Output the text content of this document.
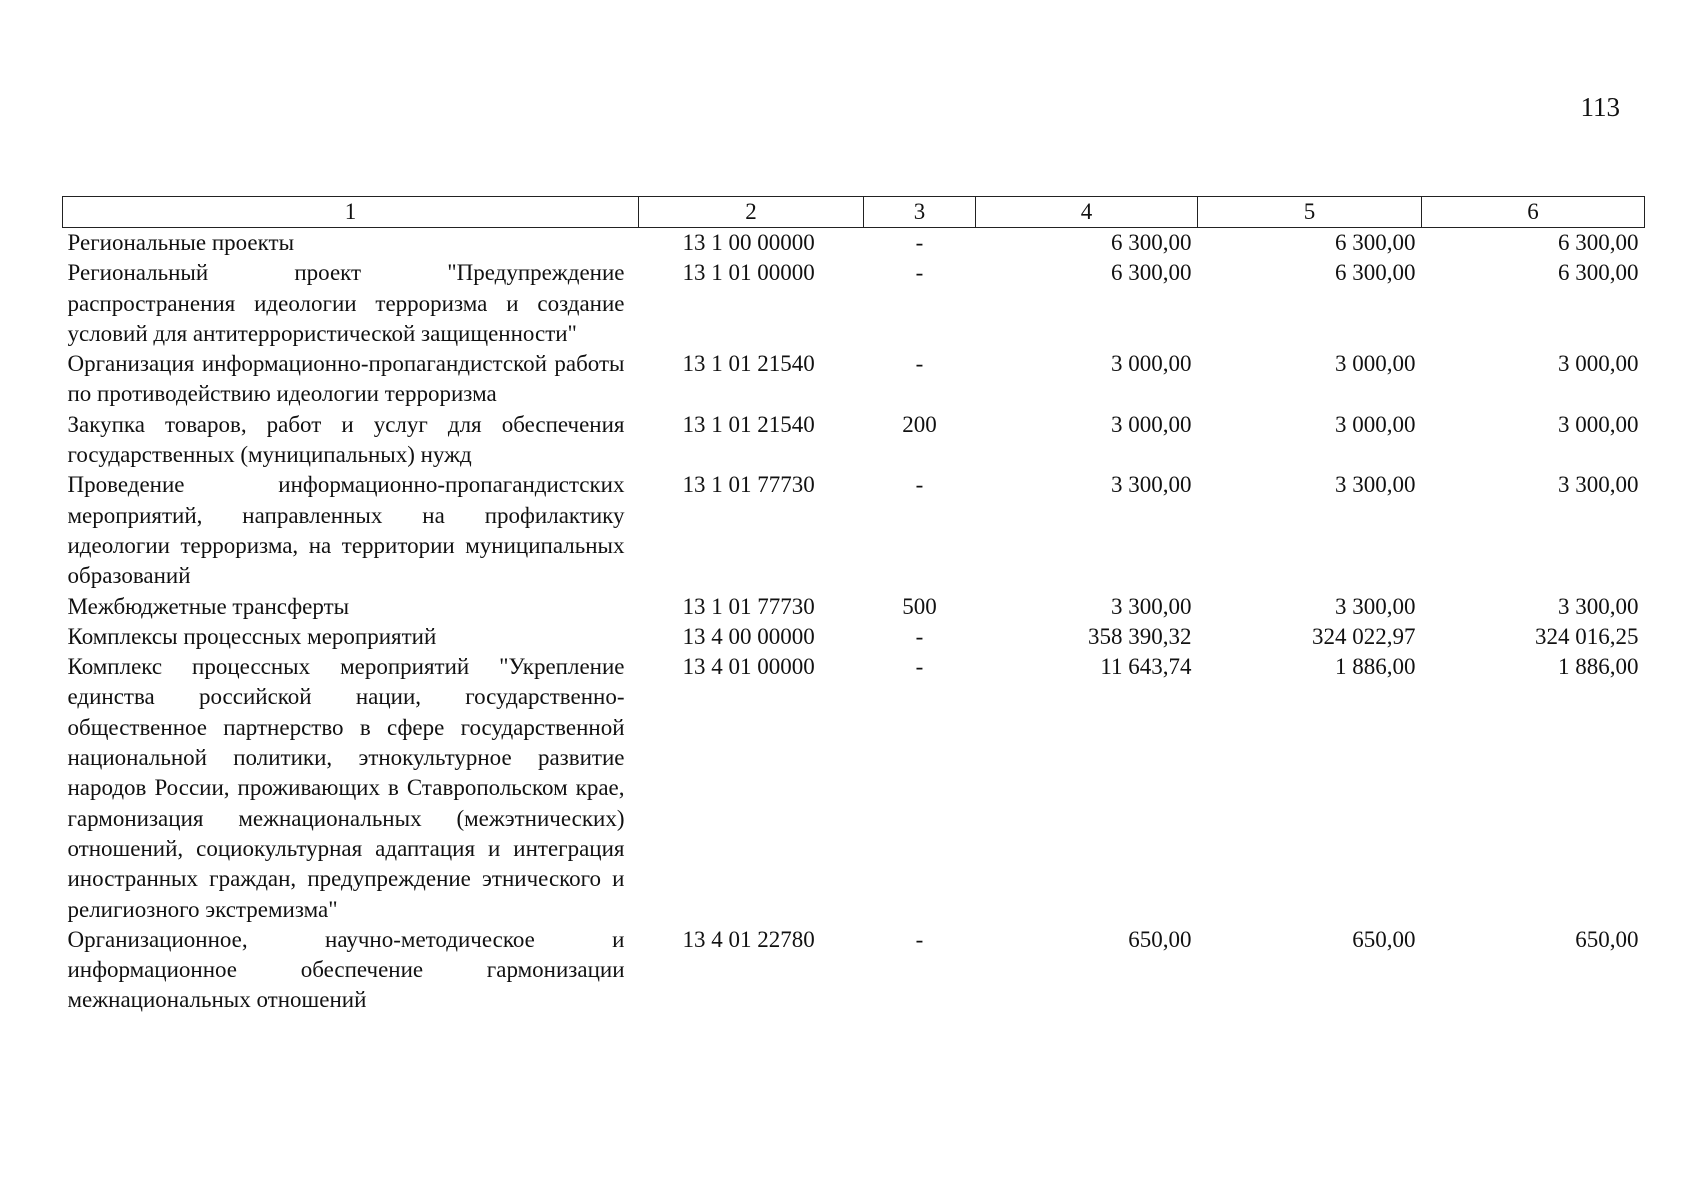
113
1	2	3	4	5	6
Региональные проекты	13 1 00 00000	-	6 300,00	6 300,00	6 300,00
Региональный проект "Предупреждение распространения идеологии терроризма и создание условий для антитеррористической защищенности"	13 1 01 00000	-	6 300,00	6 300,00	6 300,00
Организация информационно-пропагандистской работы по противодействию идеологии терроризма	13 1 01 21540	-	3 000,00	3 000,00	3 000,00
Закупка товаров, работ и услуг для обеспечения государственных (муниципальных) нужд	13 1 01 21540	200	3 000,00	3 000,00	3 000,00
Проведение информационно-пропагандистских мероприятий, направленных на профилактику идеологии терроризма, на территории муниципальных образований	13 1 01 77730	-	3 300,00	3 300,00	3 300,00
Межбюджетные трансферты	13 1 01 77730	500	3 300,00	3 300,00	3 300,00
Комплексы процессных мероприятий	13 4 00 00000	-	358 390,32	324 022,97	324 016,25
Комплекс процессных мероприятий "Укрепление единства российской нации, государственно-общественное партнерство в сфере государственной национальной политики, этнокультурное развитие народов России, проживающих в Ставропольском крае, гармонизация межнациональных (межэтнических) отношений, социокультурная адаптация и интеграция иностранных граждан, предупреждение этнического и религиозного экстремизма"	13 4 01 00000	-	11 643,74	1 886,00	1 886,00
Организационное, научно-методическое и информационное обеспечение гармонизации межнациональных отношений	13 4 01 22780	-	650,00	650,00	650,00
